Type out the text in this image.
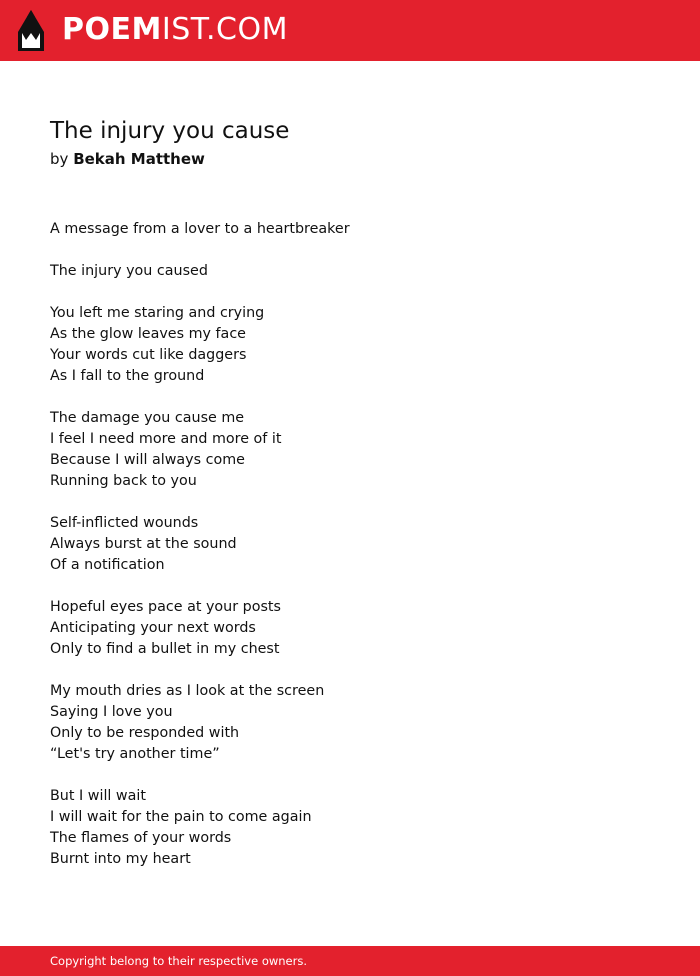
POEMIST.COM
The injury you cause
by Bekah Matthew
A message from a lover to a heartbreaker
The injury you caused
You left me staring and crying
As the glow leaves my face
Your words cut like daggers
As I fall to the ground
The damage you cause me
I feel I need more and more of it
Because I will always come
Running back to you
Self-inflicted wounds
Always burst at the sound
Of a notification
Hopeful eyes pace at your posts
Anticipating your next words
Only to find a bullet in my chest
My mouth dries as I look at the screen
Saying I love you
Only to be responded with
“Let's try another time”
But I will wait
I will wait for the pain to come again
The flames of your words
Burnt into my heart
Copyright belong to their respective owners.
